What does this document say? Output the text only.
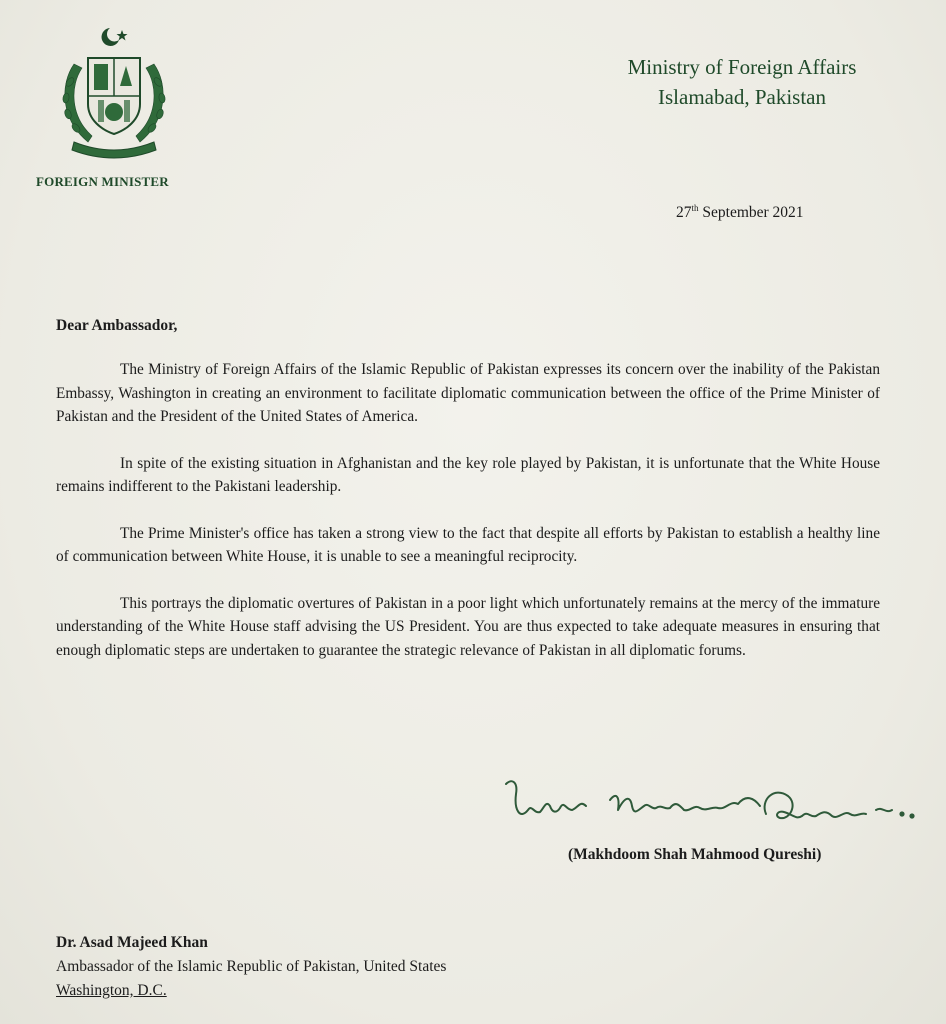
FOREIGN MINISTER
Ministry of Foreign Affairs
Islamabad, Pakistan
27th September 2021
Dear Ambassador,

The Ministry of Foreign Affairs of the Islamic Republic of Pakistan expresses its concern over the inability of the Pakistan Embassy, Washington in creating an environment to facilitate diplomatic communication between the office of the Prime Minister of Pakistan and the President of the United States of America.

In spite of the existing situation in Afghanistan and the key role played by Pakistan, it is unfortunate that the White House remains indifferent to the Pakistani leadership.

The Prime Minister's office has taken a strong view to the fact that despite all efforts by Pakistan to establish a healthy line of communication between White House, it is unable to see a meaningful reciprocity.

This portrays the diplomatic overtures of Pakistan in a poor light which unfortunately remains at the mercy of the immature understanding of the White House staff advising the US President. You are thus expected to take adequate measures in ensuring that enough diplomatic steps are undertaken to guarantee the strategic relevance of Pakistan in all diplomatic forums.

(Makhdoom Shah Mahmood Qureshi)
Dr. Asad Majeed Khan
Ambassador of the Islamic Republic of Pakistan, United States
Washington, D.C.
